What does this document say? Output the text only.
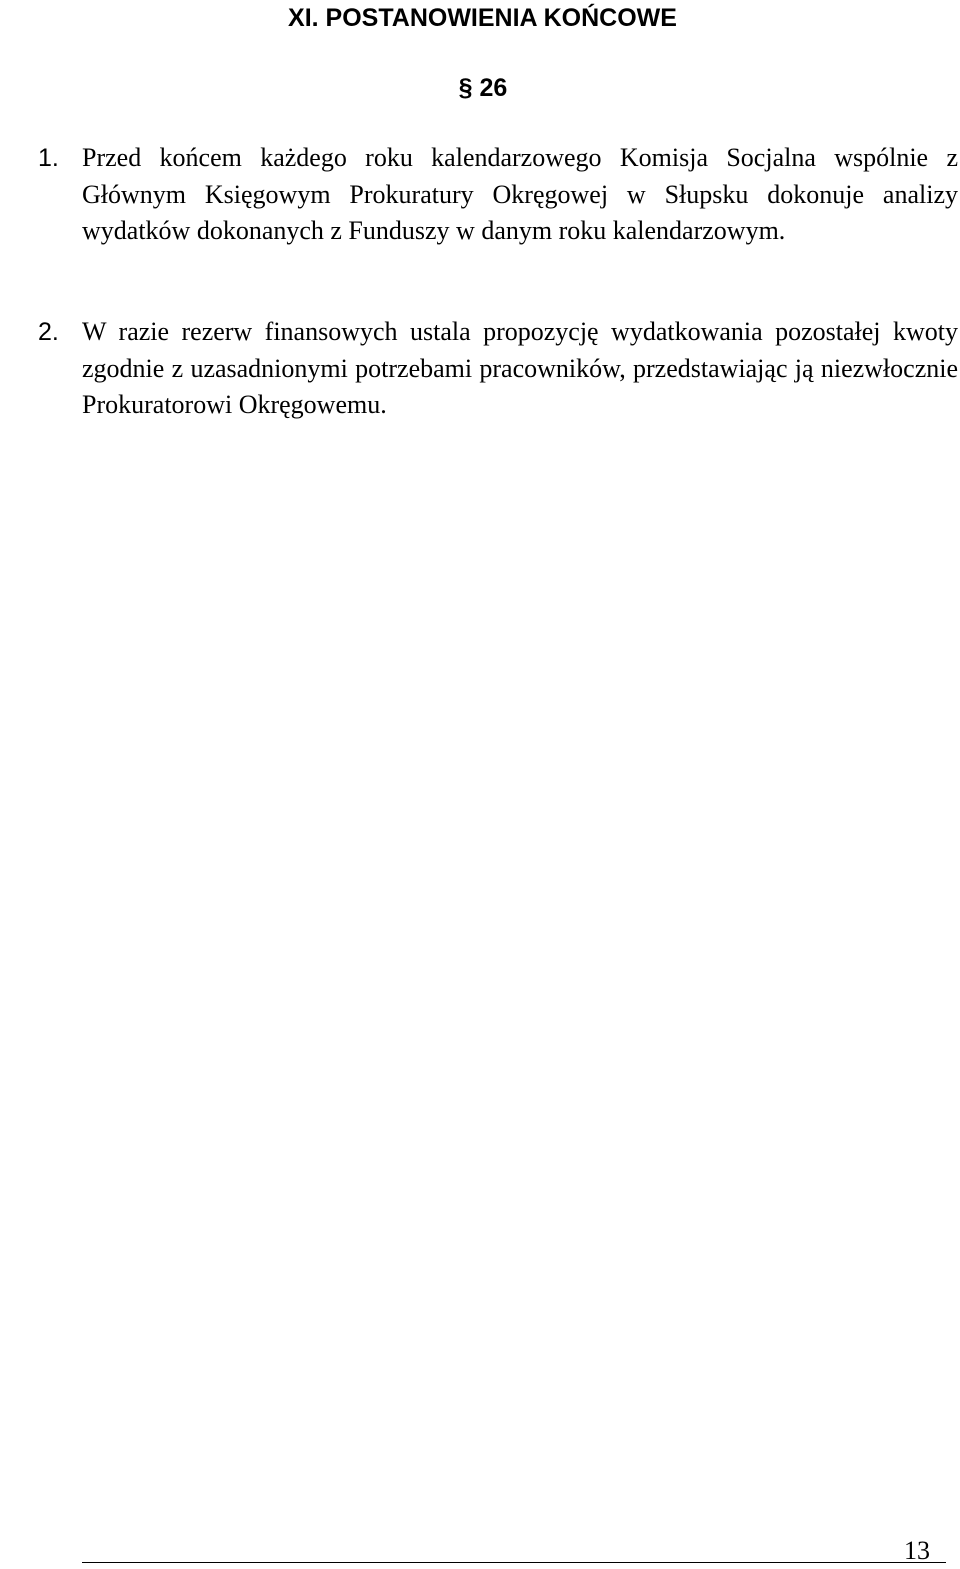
XI. POSTANOWIENIA KOŃCOWE
§ 26
1. Przed końcem każdego roku kalendarzowego Komisja Socjalna wspólnie z Głównym Księgowym Prokuratury Okręgowej w Słupsku dokonuje analizy wydatków dokonanych z Funduszy w danym roku kalendarzowym.
2. W razie rezerw finansowych ustala propozycję wydatkowania pozostałej kwoty zgodnie z uzasadnionymi potrzebami pracowników, przedstawiając ją niezwłocznie Prokuratorowi Okręgowemu.
13
